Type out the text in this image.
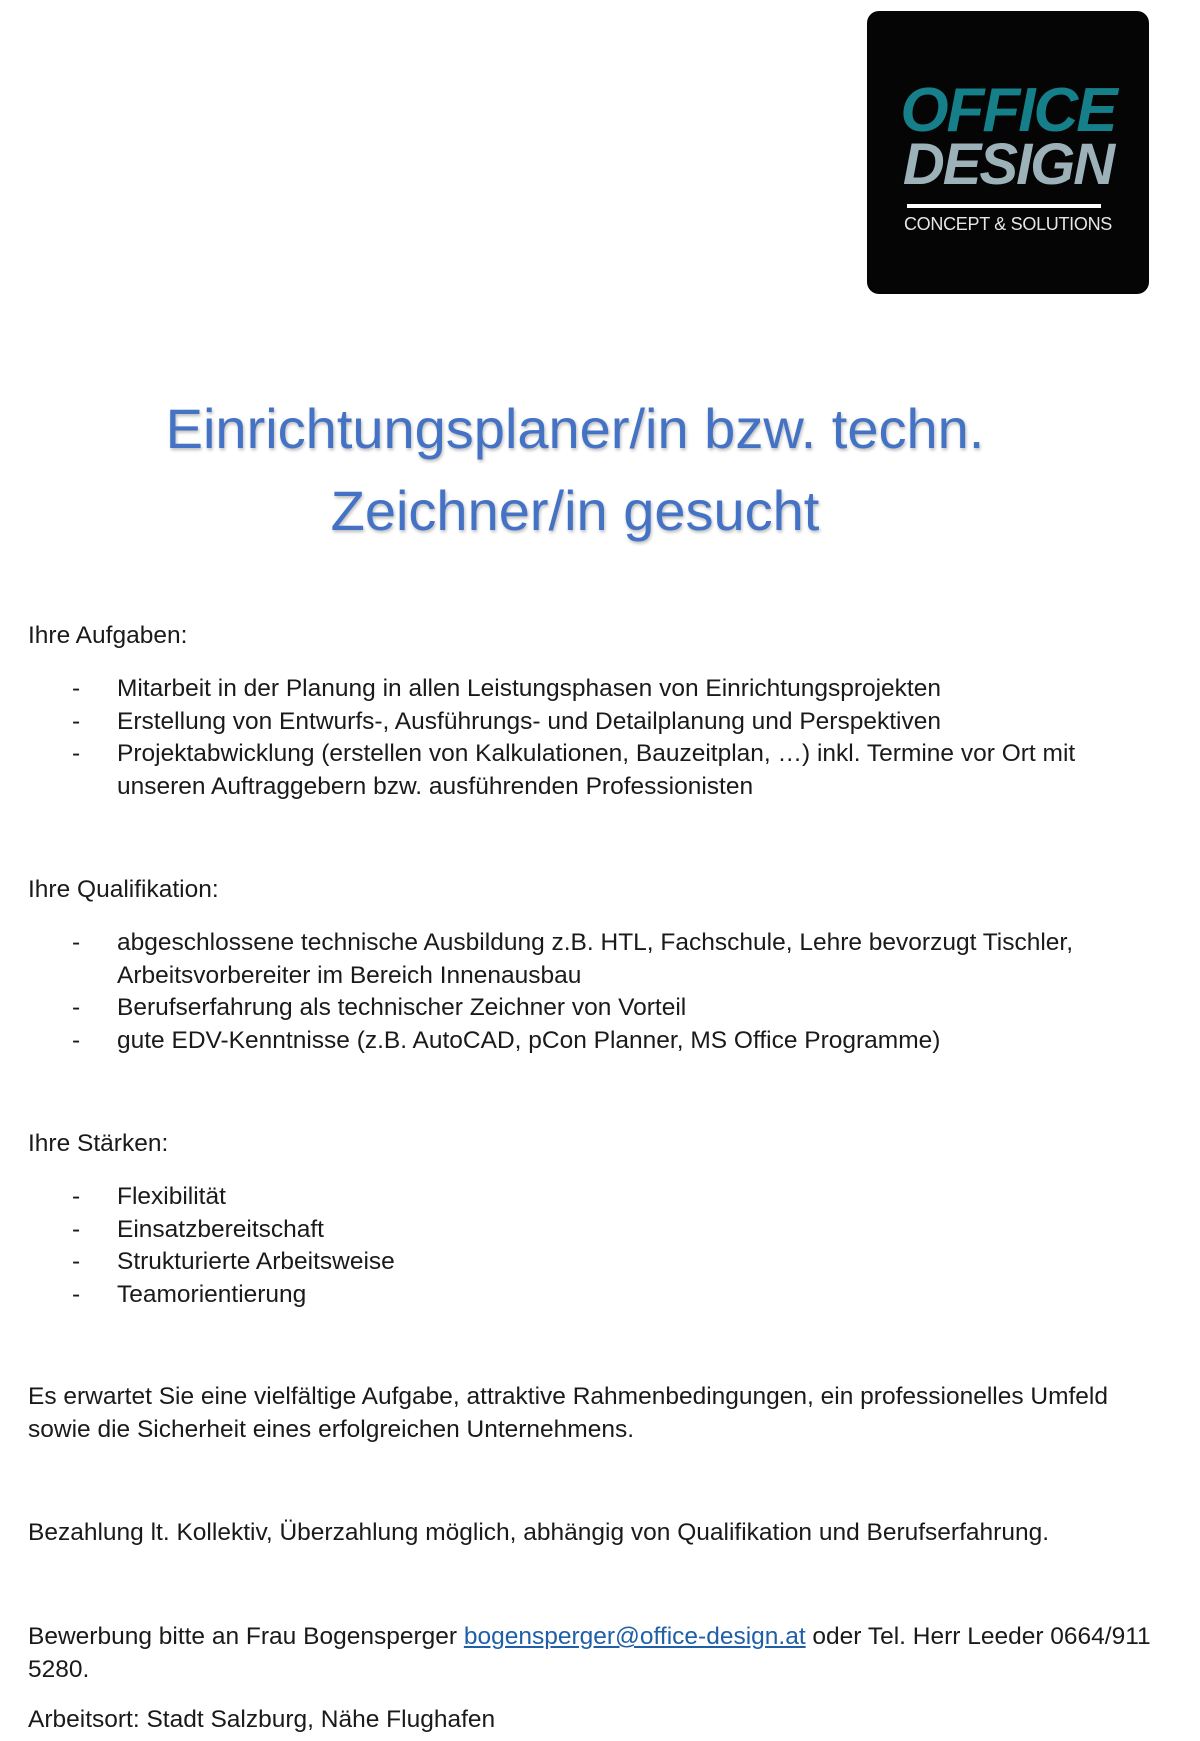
OFFICE
DESIGN
CONCEPT & SOLUTIONS
Einrichtungsplaner/in bzw. techn.
Zeichner/in gesucht
Ihre Aufgaben:
- Mitarbeit in der Planung in allen Leistungsphasen von Einrichtungsprojekten
- Erstellung von Entwurfs-, Ausführungs- und Detailplanung und Perspektiven
- Projektabwicklung (erstellen von Kalkulationen, Bauzeitplan, …) inkl. Termine vor Ort mit unseren Auftraggebern bzw. ausführenden Professionisten
Ihre Qualifikation:
- abgeschlossene technische Ausbildung z.B. HTL, Fachschule, Lehre bevorzugt Tischler, Arbeitsvorbereiter im Bereich Innenausbau
- Berufserfahrung als technischer Zeichner von Vorteil
- gute EDV-Kenntnisse (z.B. AutoCAD, pCon Planner, MS Office Programme)
Ihre Stärken:
- Flexibilität
- Einsatzbereitschaft
- Strukturierte Arbeitsweise
- Teamorientierung
Es erwartet Sie eine vielfältige Aufgabe, attraktive Rahmenbedingungen, ein professionelles Umfeld sowie die Sicherheit eines erfolgreichen Unternehmens.
Bezahlung lt. Kollektiv, Überzahlung möglich, abhängig von Qualifikation und Berufserfahrung.
Bewerbung bitte an Frau Bogensperger bogensperger@office-design.at oder Tel. Herr Leeder 0664/911 5280.
Arbeitsort: Stadt Salzburg, Nähe Flughafen
